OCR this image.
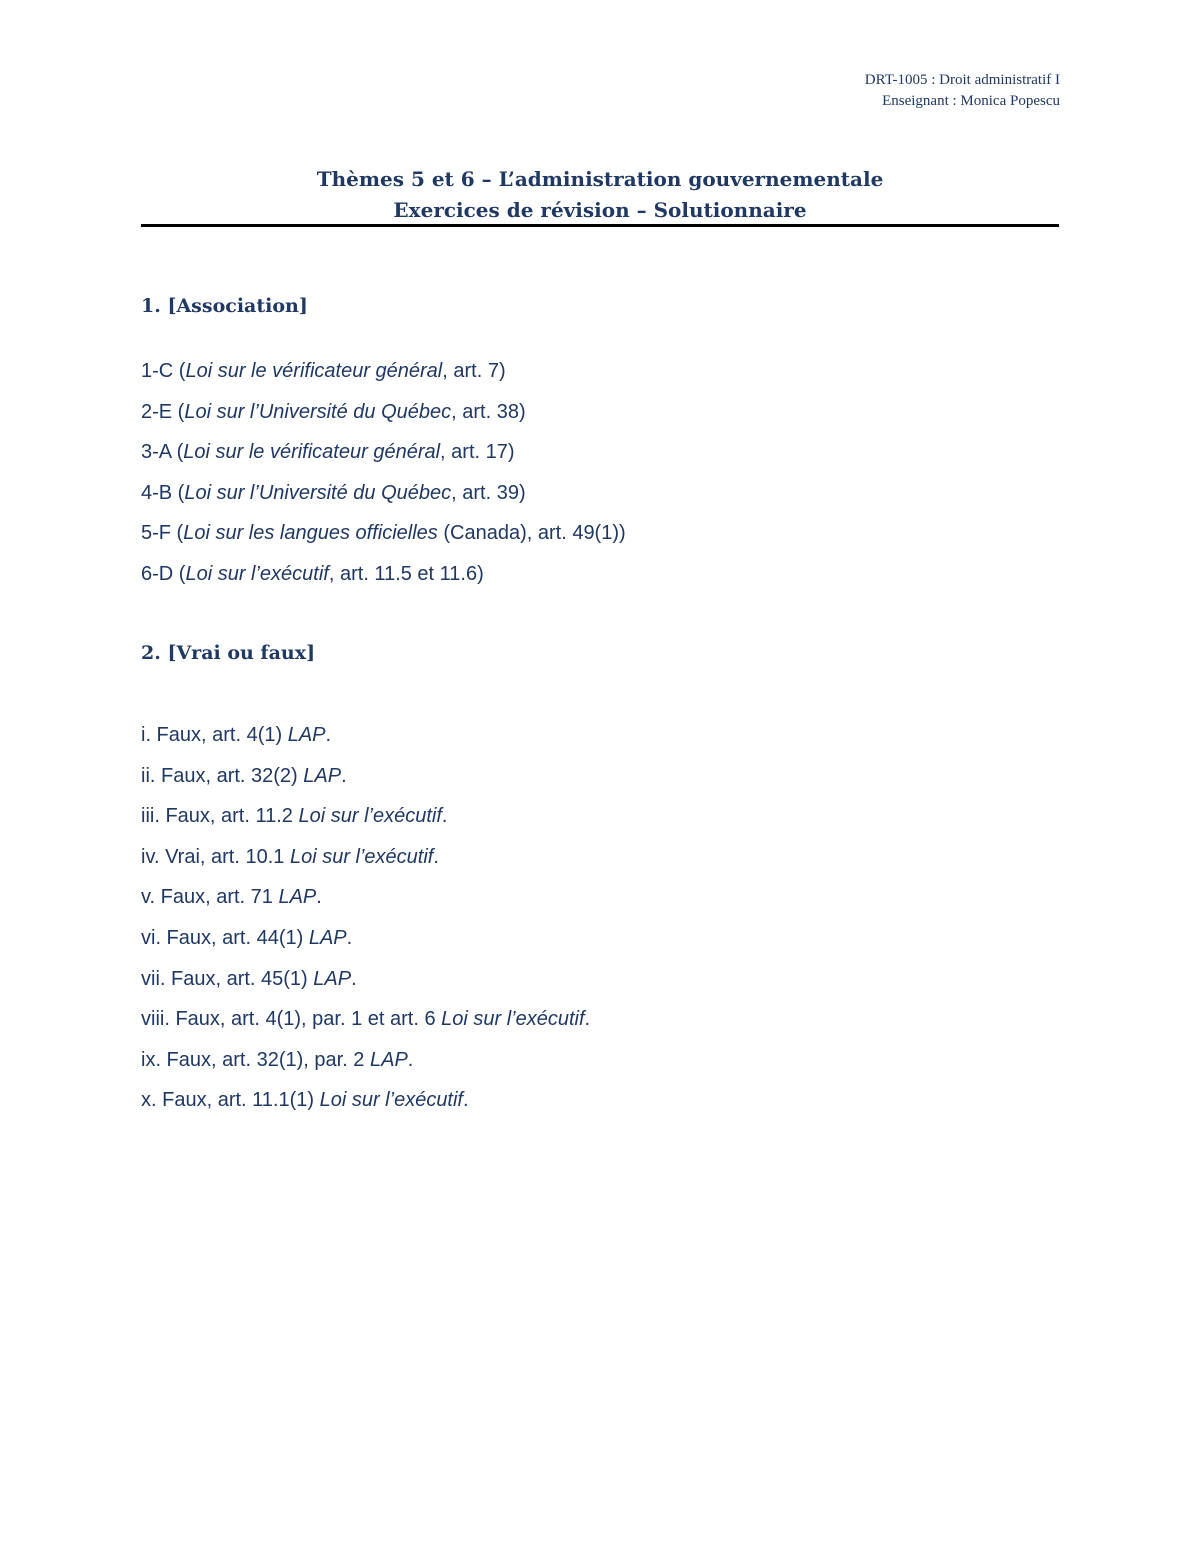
DRT-1005 : Droit administratif I
Enseignant : Monica Popescu
Thèmes 5 et 6 – L’administration gouvernementale
Exercices de révision – Solutionnaire
1. [Association]
1-C (Loi sur le vérificateur général, art. 7)
2-E (Loi sur l’Université du Québec, art. 38)
3-A (Loi sur le vérificateur général, art. 17)
4-B (Loi sur l’Université du Québec, art. 39)
5-F (Loi sur les langues officielles (Canada), art. 49(1))
6-D (Loi sur l’exécutif, art. 11.5 et 11.6)
2. [Vrai ou faux]
i. Faux, art. 4(1) LAP.
ii. Faux, art. 32(2) LAP.
iii. Faux, art. 11.2 Loi sur l’exécutif.
iv. Vrai, art. 10.1 Loi sur l’exécutif.
v. Faux, art. 71 LAP.
vi. Faux, art. 44(1) LAP.
vii. Faux, art. 45(1) LAP.
viii. Faux, art. 4(1), par. 1 et art. 6 Loi sur l’exécutif.
ix. Faux, art. 32(1), par. 2 LAP.
x. Faux, art. 11.1(1) Loi sur l’exécutif.
